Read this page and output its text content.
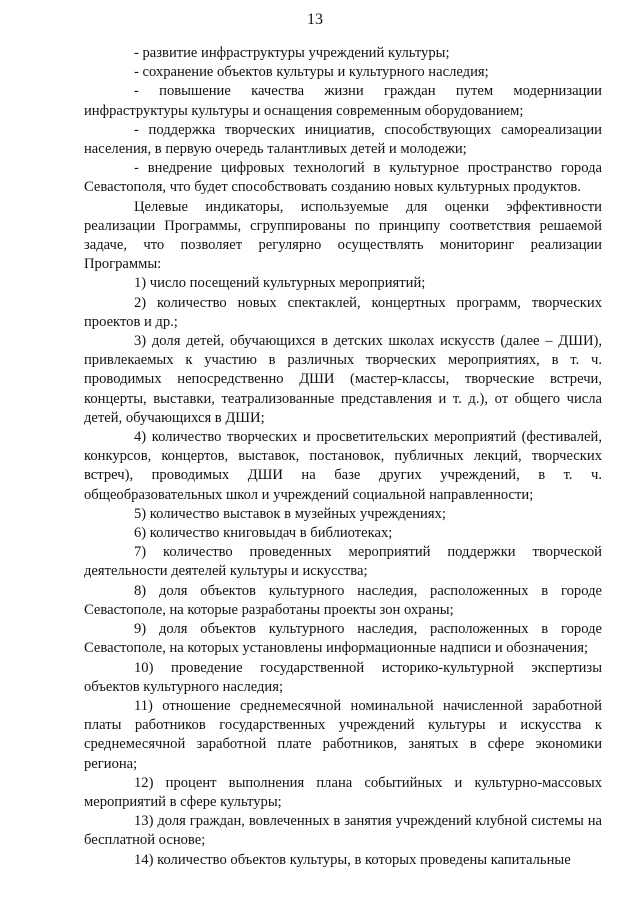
13

- развитие инфраструктуры учреждений культуры;

- сохранение объектов культуры и культурного наследия;

- повышение качества жизни граждан путем модернизации инфраструктуры культуры и оснащения современным оборудованием;

- поддержка творческих инициатив, способствующих самореализации населения, в первую очередь талантливых детей и молодежи;

- внедрение цифровых технологий в культурное пространство города Севастополя, что будет способствовать созданию новых культурных продуктов.

Целевые индикаторы, используемые для оценки эффективности реализации Программы, сгруппированы по принципу соответствия решаемой задаче, что позволяет регулярно осуществлять мониторинг реализации Программы:

1) число посещений культурных мероприятий;

2) количество новых спектаклей, концертных программ, творческих проектов и др.;

3) доля детей, обучающихся в детских школах искусств (далее – ДШИ), привлекаемых к участию в различных творческих мероприятиях, в т. ч. проводимых непосредственно ДШИ (мастер-классы, творческие встречи, концерты, выставки, театрализованные представления и т. д.), от общего числа детей, обучающихся в ДШИ;

4) количество творческих и просветительских мероприятий (фестивалей, конкурсов, концертов, выставок, постановок, публичных лекций, творческих встреч), проводимых ДШИ на базе других учреждений, в т. ч. общеобразовательных школ и учреждений социальной направленности;

5) количество выставок в музейных учреждениях;

6) количество книговыдач в библиотеках;

7) количество проведенных мероприятий поддержки творческой деятельности деятелей культуры и искусства;

8) доля объектов культурного наследия, расположенных в городе Севастополе, на которые разработаны проекты зон охраны;

9) доля объектов культурного наследия, расположенных в городе Севастополе, на которых установлены информационные надписи и обозначения;

10) проведение государственной историко-культурной экспертизы объектов культурного наследия;

11) отношение среднемесячной номинальной начисленной заработной платы работников государственных учреждений культуры и искусства к среднемесячной заработной плате работников, занятых в сфере экономики региона;

12) процент выполнения плана событийных и культурно-массовых мероприятий в сфере культуры;

13) доля граждан, вовлеченных в занятия учреждений клубной системы на бесплатной основе;

14) количество объектов культуры, в которых проведены капитальные
